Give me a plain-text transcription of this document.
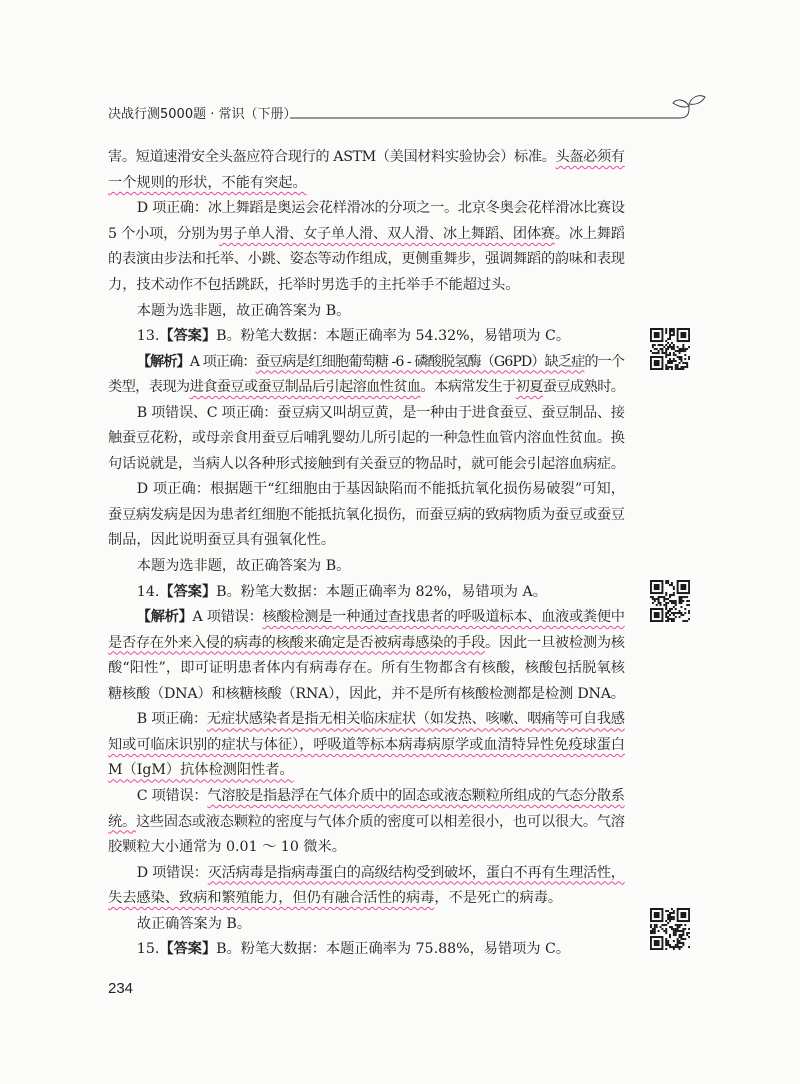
决战行测5000题 · 常识（下册）
害。短道速滑安全头盔应符合现行的 ASTM（美国材料实验协会）标准。头盔必须有
一个规则的形状，不能有突起。
D 项正确：冰上舞蹈是奥运会花样滑冰的分项之一。北京冬奥会花样滑冰比赛设
5 个小项，分别为男子单人滑、女子单人滑、双人滑、冰上舞蹈、团体赛。冰上舞蹈
的表演由步法和托举、小跳、姿态等动作组成，更侧重舞步，强调舞蹈的韵味和表现
力，技术动作不包括跳跃，托举时男选手的主托举手不能超过头。
本题为选非题，故正确答案为 B。
13.【答案】B。粉笔大数据：本题正确率为 54.32%，易错项为 C。
【解析】A 项正确：蚕豆病是红细胞葡萄糖 -6 - 磷酸脱氢酶（G6PD）缺乏症的一个
类型，表现为进食蚕豆或蚕豆制品后引起溶血性贫血。本病常发生于初夏蚕豆成熟时。
B 项错误、C 项正确：蚕豆病又叫胡豆黄，是一种由于进食蚕豆、蚕豆制品、接
触蚕豆花粉，或母亲食用蚕豆后哺乳婴幼儿所引起的一种急性血管内溶血性贫血。换
句话说就是，当病人以各种形式接触到有关蚕豆的物品时，就可能会引起溶血病症。
D 项正确：根据题干“红细胞由于基因缺陷而不能抵抗氧化损伤易破裂”可知，
蚕豆病发病是因为患者红细胞不能抵抗氧化损伤，而蚕豆病的致病物质为蚕豆或蚕豆
制品，因此说明蚕豆具有强氧化性。
本题为选非题，故正确答案为 B。
14.【答案】B。粉笔大数据：本题正确率为 82%，易错项为 A。
【解析】A 项错误：核酸检测是一种通过查找患者的呼吸道标本、血液或粪便中
是否存在外来入侵的病毒的核酸来确定是否被病毒感染的手段。因此一旦被检测为核
酸“阳性”，即可证明患者体内有病毒存在。所有生物都含有核酸，核酸包括脱氧核
糖核酸（DNA）和核糖核酸（RNA），因此，并不是所有核酸检测都是检测 DNA。
B 项正确：无症状感染者是指无相关临床症状（如发热、咳嗽、咽痛等可自我感
知或可临床识别的症状与体征），呼吸道等标本病毒病原学或血清特异性免疫球蛋白
M（IgM）抗体检测阳性者。
C 项错误：气溶胶是指悬浮在气体介质中的固态或液态颗粒所组成的气态分散系
统。这些固态或液态颗粒的密度与气体介质的密度可以相差很小，也可以很大。气溶
胶颗粒大小通常为 0.01 ～ 10 微米。
D 项错误：灭活病毒是指病毒蛋白的高级结构受到破坏，蛋白不再有生理活性，
失去感染、致病和繁殖能力，但仍有融合活性的病毒，不是死亡的病毒。
故正确答案为 B。
15.【答案】B。粉笔大数据：本题正确率为 75.88%，易错项为 C。
234
